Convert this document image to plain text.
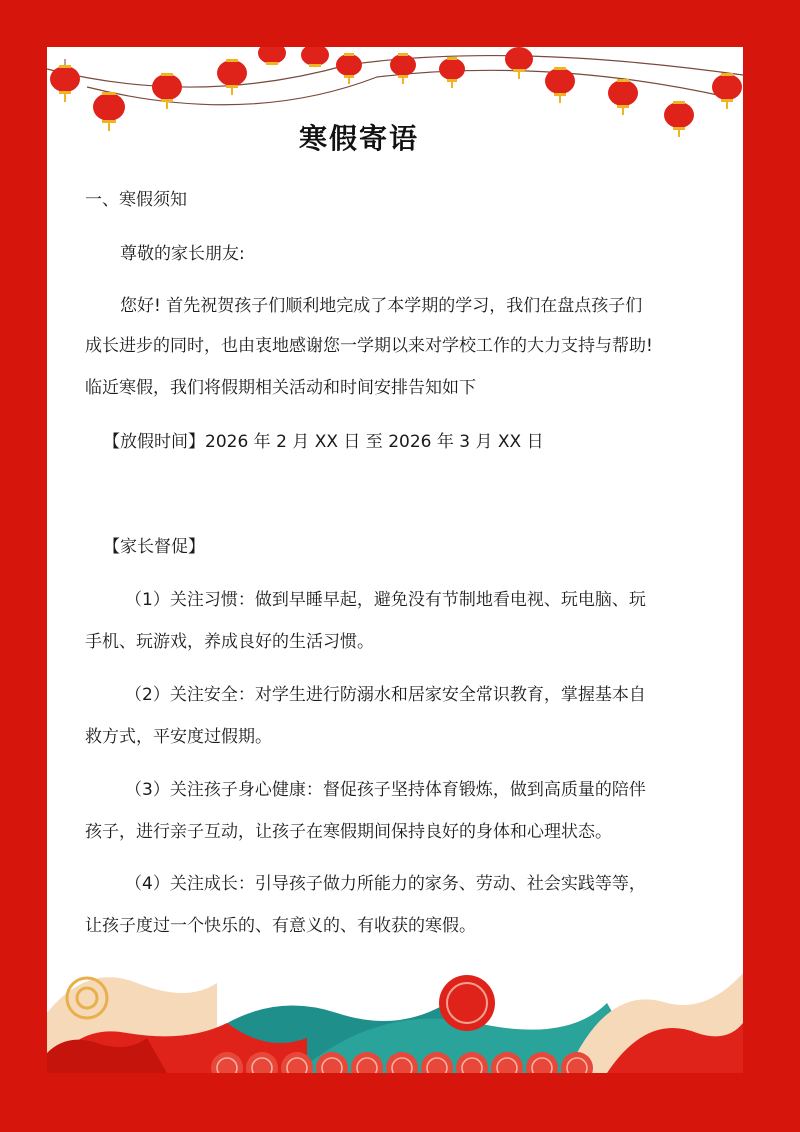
寒假寄语
一、寒假须知
尊敬的家长朋友:
您好! 首先祝贺孩子们顺利地完成了本学期的学习，我们在盘点孩子们
成长进步的同时，也由衷地感谢您一学期以来对学校工作的大力支持与帮助!
临近寒假，我们将假期相关活动和时间安排告知如下
【放假时间】2026 年 2 月 XX 日 至 2026 年 3 月 XX 日
【家长督促】
（1）关注习惯：做到早睡早起，避免没有节制地看电视、玩电脑、玩
手机、玩游戏，养成良好的生活习惯。
（2）关注安全：对学生进行防溺水和居家安全常识教育，掌握基本自
救方式，平安度过假期。
（3）关注孩子身心健康：督促孩子坚持体育锻炼，做到高质量的陪伴
孩子，进行亲子互动，让孩子在寒假期间保持良好的身体和心理状态。
（4）关注成长：引导孩子做力所能力的家务、劳动、社会实践等等，
让孩子度过一个快乐的、有意义的、有收获的寒假。
